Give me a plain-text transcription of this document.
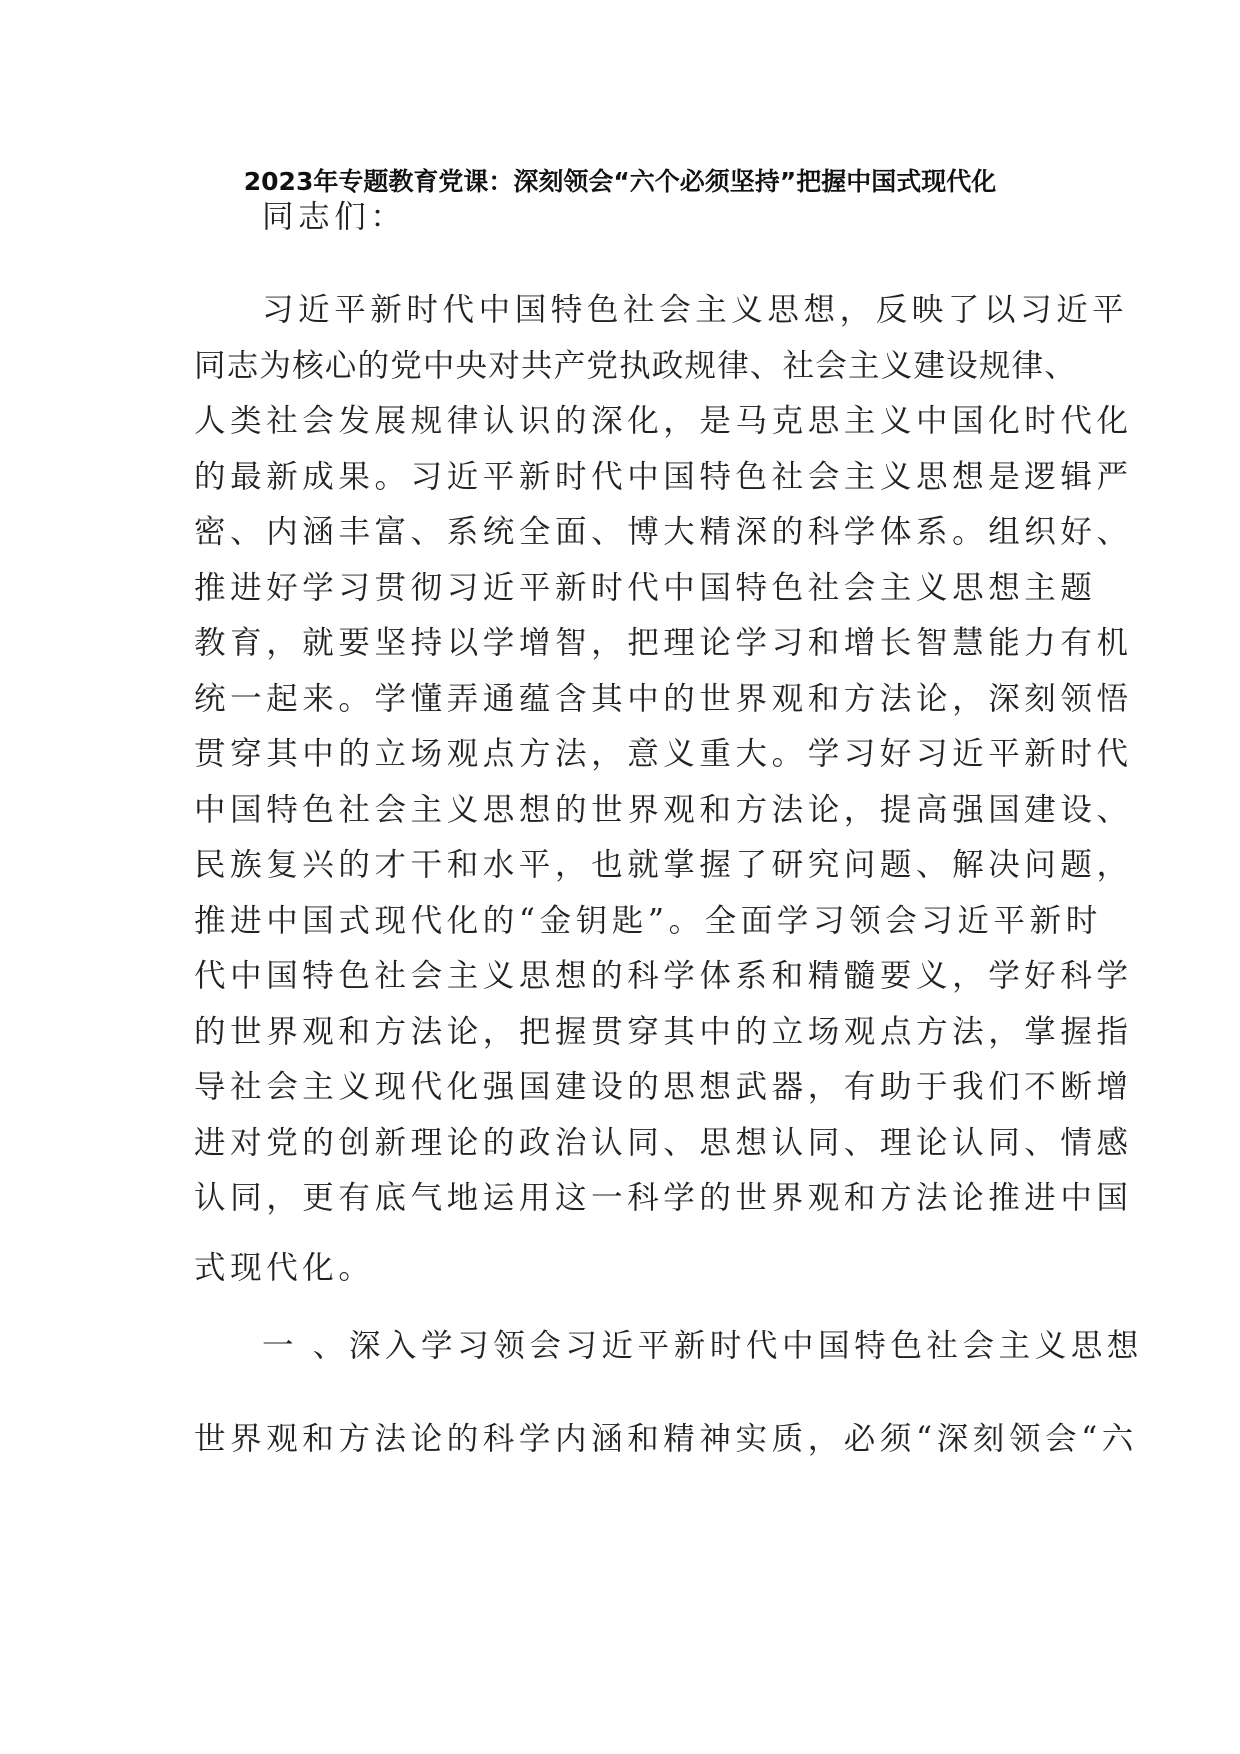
2023年专题教育党课：深刻领会“六个必须坚持”把握中国式现代化
同志们：
习近平新时代中国特色社会主义思想，反映了以习近平
同志为核心的党中央对共产党执政规律、社会主义建设规律、
人类社会发展规律认识的深化，是马克思主义中国化时代化
的最新成果。习近平新时代中国特色社会主义思想是逻辑严
密、内涵丰富、系统全面、博大精深的科学体系。组织好、
推进好学习贯彻习近平新时代中国特色社会主义思想主题
教育，就要坚持以学增智，把理论学习和增长智慧能力有机
统一起来。学懂弄通蕴含其中的世界观和方法论，深刻领悟
贯穿其中的立场观点方法，意义重大。学习好习近平新时代
中国特色社会主义思想的世界观和方法论，提高强国建设、
民族复兴的才干和水平，也就掌握了研究问题、解决问题，
推进中国式现代化的“金钥匙”。全面学习领会习近平新时
代中国特色社会主义思想的科学体系和精髓要义，学好科学
的世界观和方法论，把握贯穿其中的立场观点方法，掌握指
导社会主义现代化强国建设的思想武器，有助于我们不断增
进对党的创新理论的政治认同、思想认同、理论认同、情感
认同，更有底气地运用这一科学的世界观和方法论推进中国
式现代化。
一 、深入学习领会习近平新时代中国特色社会主义思想
世界观和方法论的科学内涵和精神实质，必须“深刻领会“六
